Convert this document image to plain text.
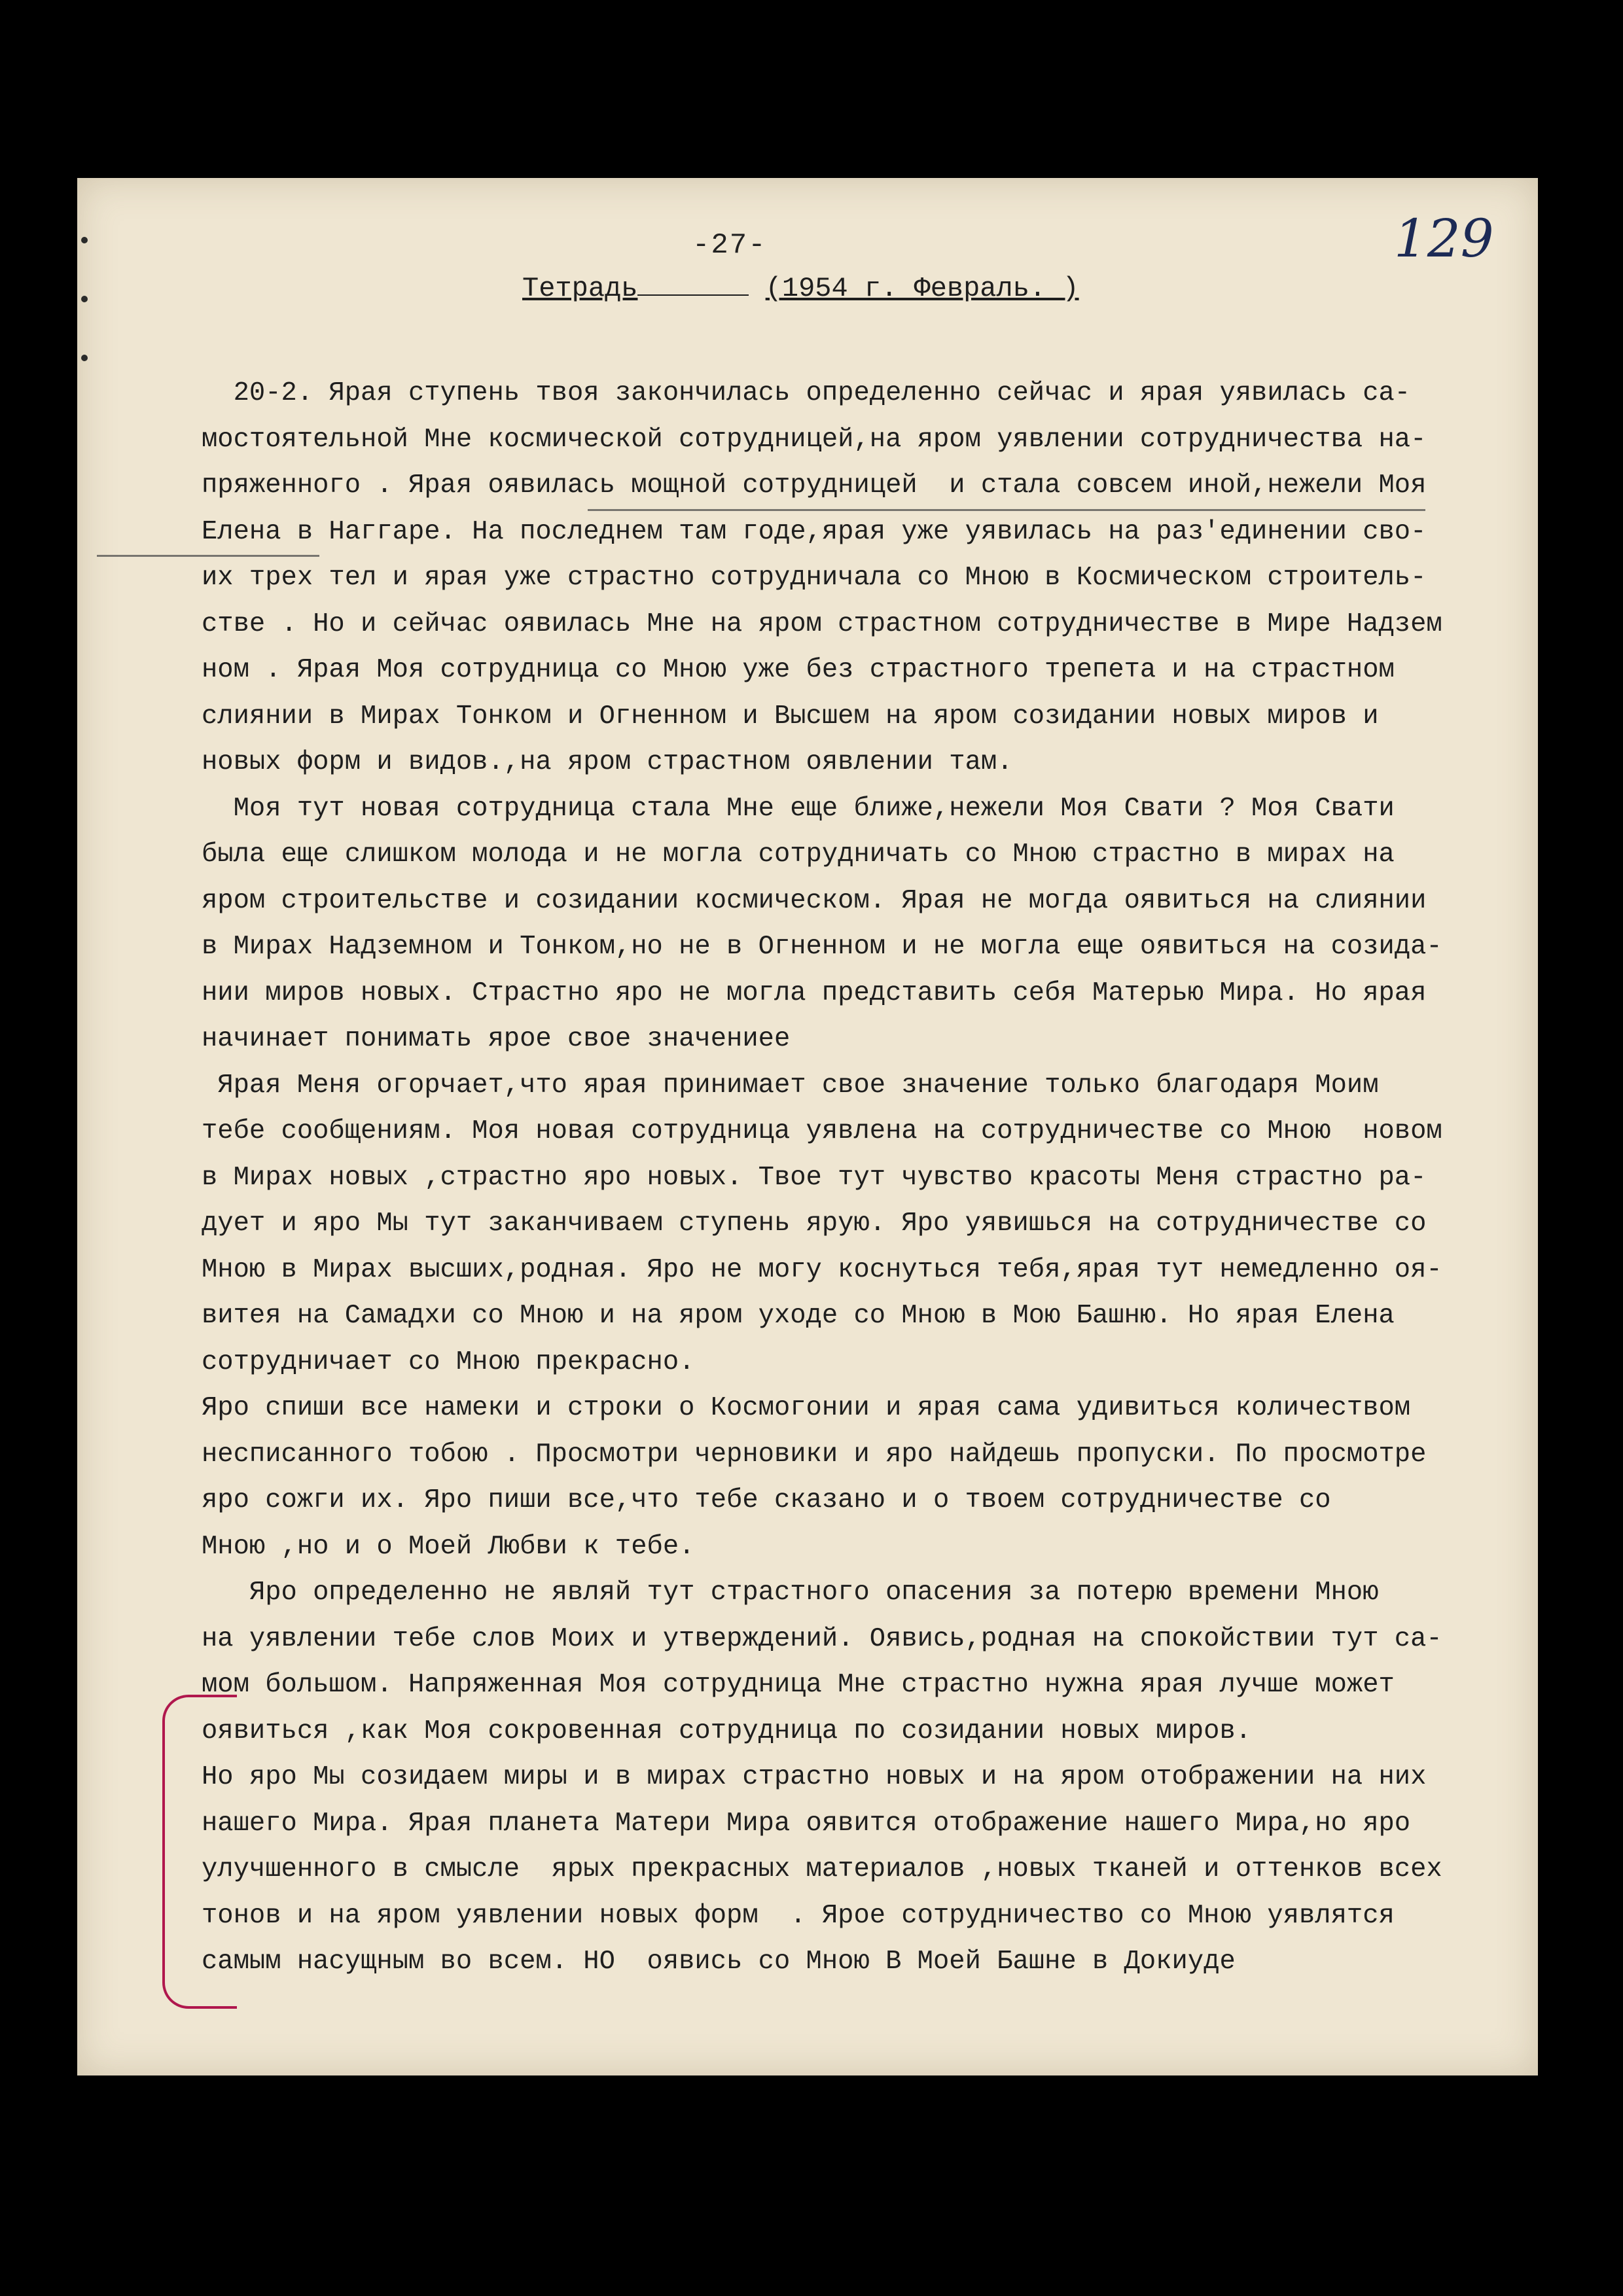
-27-	129
Тетрадь	(1954 г. Февраль. )
20-2. Ярая ступень твоя закончилась определенно сейчас и ярая уявилась са-
мостоятельной Мне космической сотрудницей,на яром уявлении сотрудничества на-
пряженного . Ярая оявилась мощной сотрудницей  и стала совсем иной,нежели Моя
Елена в Наггаре. На последнем там годе,ярая уже уявилась на раз'единении сво-
их трех тел и ярая уже страстно сотрудничала со Мною в Космическом строитель-
стве . Но и сейчас оявилась Мне на яром страстном сотрудничестве в Мире Надзем
ном . Ярая Моя сотрудница со Мною уже без страстного трепета и на страстном
слиянии в Мирах Тонком и Огненном и Высшем на яром созидании новых миров и
новых форм и видов.,на яром страстном оявлении там.
Моя тут новая сотрудница стала Мне еще ближе,нежели Моя Свати ? Моя Свати
была еще слишком молода и не могла сотрудничать со Мною страстно в мирах на
яром строительстве и созидании космическом. Ярая не могда оявиться на слиянии
в Мирах Надземном и Тонком,но не в Огненном и не могла еще оявиться на созида-
нии миров новых. Страстно яро не могла представить себя Матерью Мира. Но ярая
начинает понимать ярое свое значениее
Ярая Меня огорчает,что ярая принимает свое значение только благодаря Моим
тебе сообщениям. Моя новая сотрудница уявлена на сотрудничестве со Мною  новом
в Мирах новых ,страстно яро новых. Твое тут чувство красоты Меня страстно ра-
дует и яро Мы тут заканчиваем ступень ярую. Яро уявишься на сотрудничестве со
Мною в Мирах высших,родная. Яро не могу коснуться тебя,ярая тут немедленно оя-
витея на Самадхи со Мною и на яром уходе со Мною в Мою Башню. Но ярая Елена
сотрудничает со Мною прекрасно.
Яро спиши все намеки и строки о Космогонии и ярая сама удивиться количеством
несписанного тобою . Просмотри черновики и яро найдешь пропуски. По просмотре
яро сожги их. Яро пиши все,что тебе сказано и о твоем сотрудничестве со
Мною ,но и о Моей Любви к тебе.
Яро определенно не являй тут страстного опасения за потерю времени Мною
на уявлении тебе слов Моих и утверждений. Оявись,родная на спокойствии тут са-
мом большом. Напряженная Моя сотрудница Мне страстно нужна ярая лучше может
оявиться ,как Моя сокровенная сотрудница по созидании новых миров.
Но яро Мы созидаем миры и в мирах страстно новых и на яром отображении на них
нашего Мира. Ярая планета Матери Мира оявится отображение нашего Мира,но яро
улучшенного в смысле  ярых прекрасных материалов ,новых тканей и оттенков всех
тонов и на яром уявлении новых форм  . Ярое сотрудничество со Мною уявлятся
самым насущным во всем. НО  оявись со Мною В Моей Башне в Докиуде
